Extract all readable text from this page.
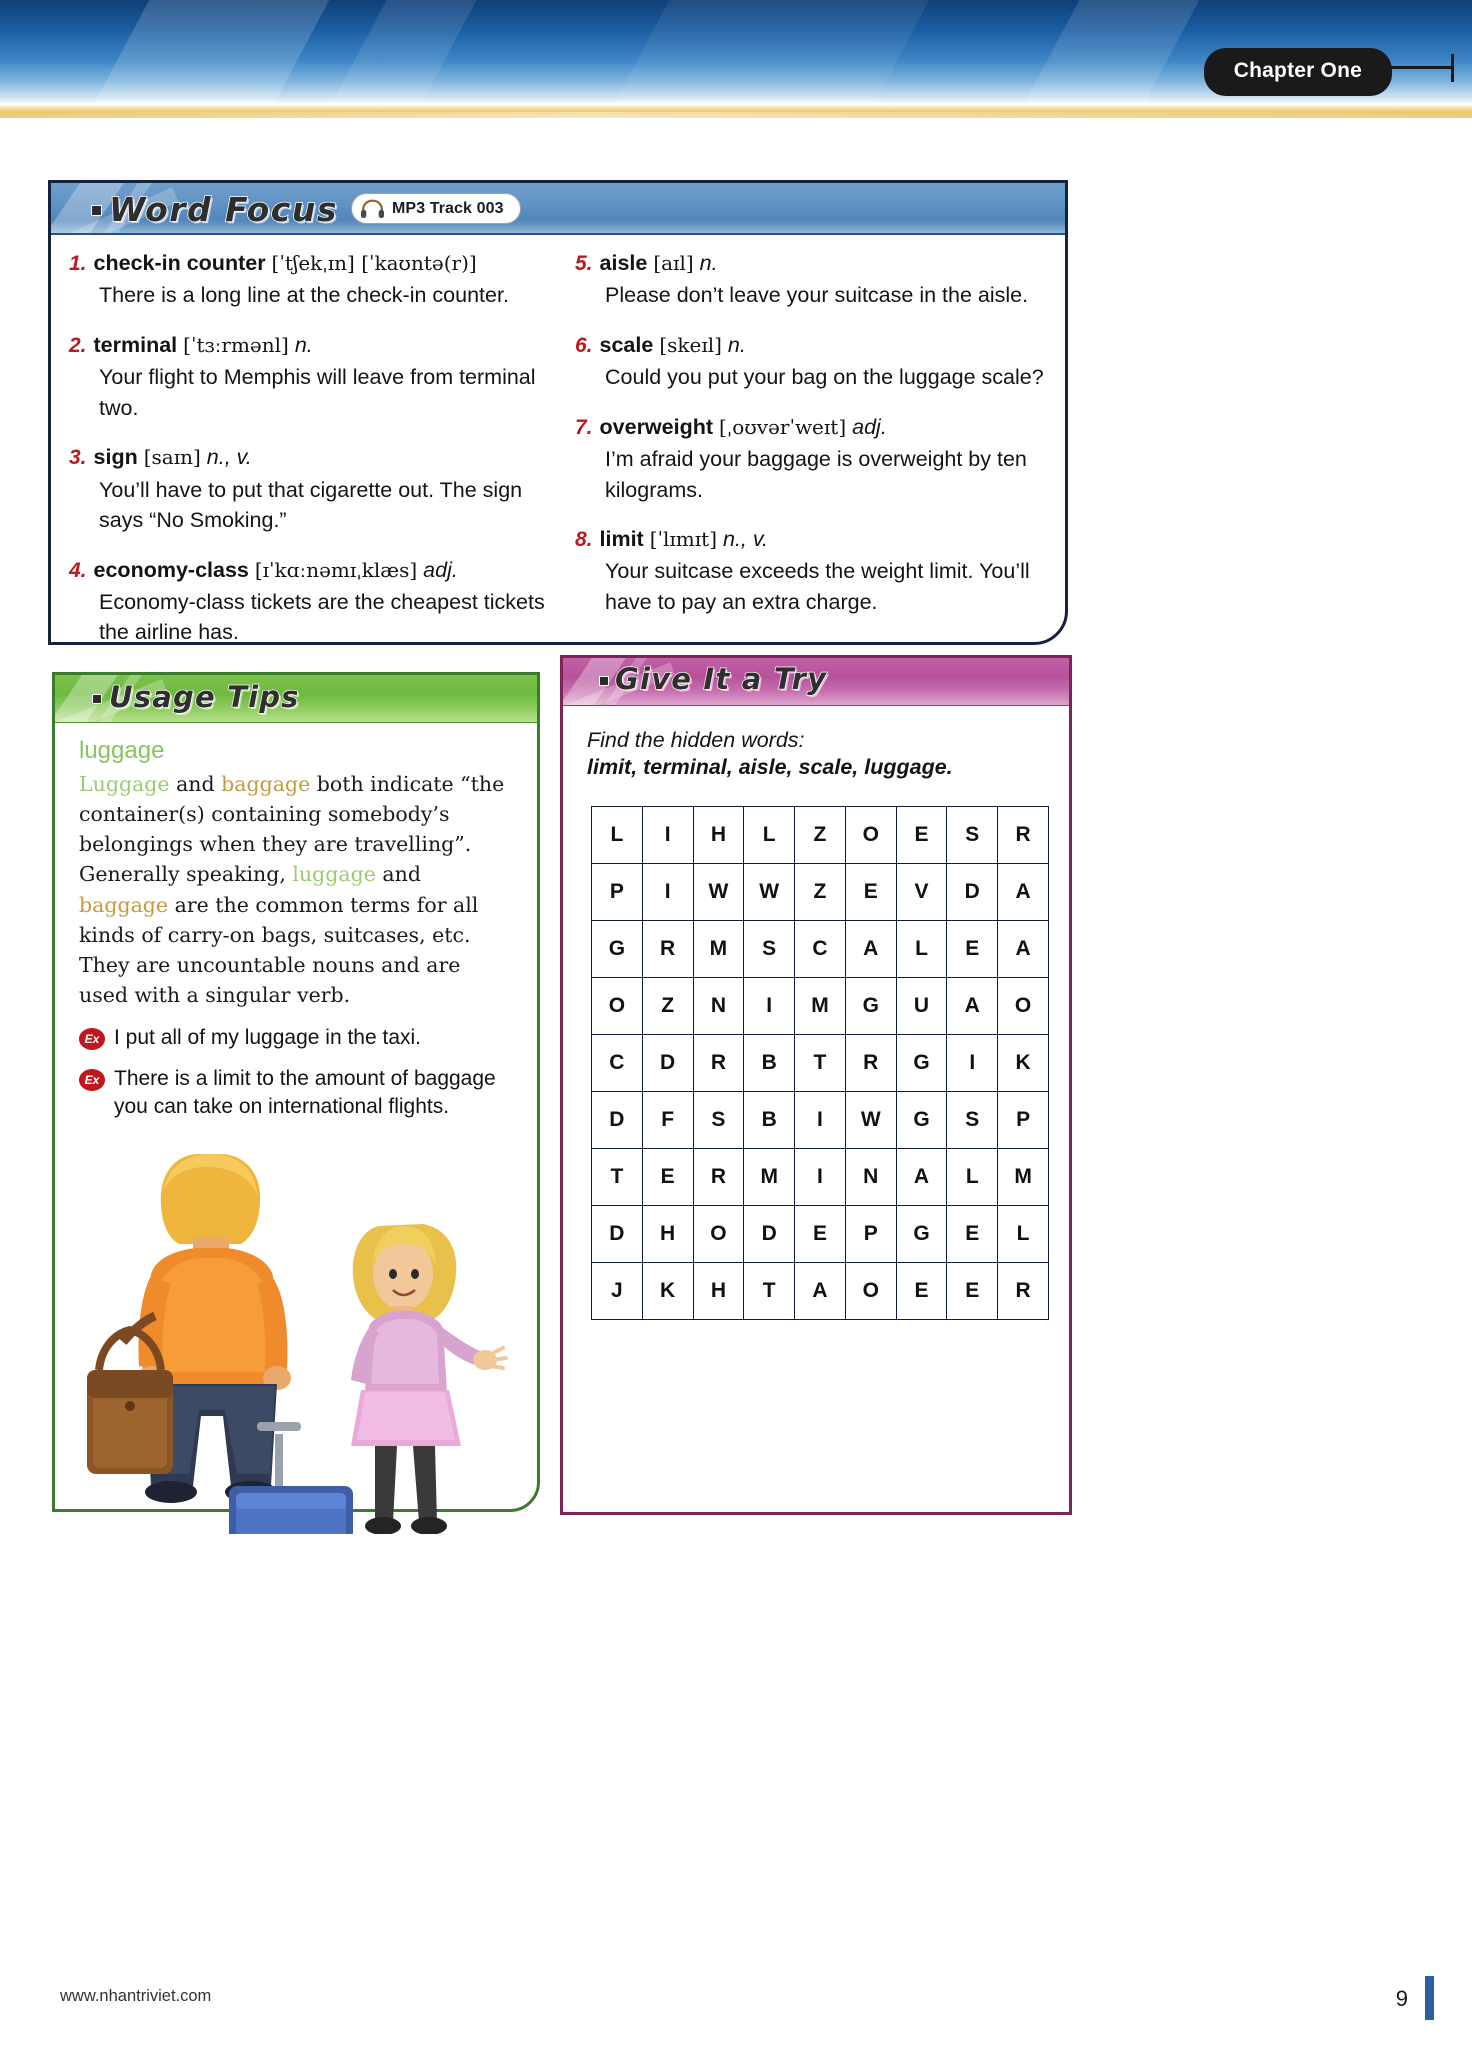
Chapter One
Word Focus	MP3 Track 003
1. check-in counter [ˈtʃekˌɪn] [ˈkaʊntə(r)]
There is a long line at the check-in counter.
2. terminal [ˈtɜːrmənl] n.
Your flight to Memphis will leave from terminal two.
3. sign [saɪn] n., v.
You’ll have to put that cigarette out. The sign says “No Smoking.”
4. economy-class [ɪˈkɑːnəmɪˌklæs] adj.
Economy-class tickets are the cheapest tickets the airline has.
5. aisle [aɪl] n.
Please don’t leave your suitcase in the aisle.
6. scale [skeɪl] n.
Could you put your bag on the luggage scale?
7. overweight [ˌоʊvərˈweɪt] adj.
I’m afraid your baggage is overweight by ten kilograms.
8. limit [ˈlɪmɪt] n., v.
Your suitcase exceeds the weight limit. You’ll have to pay an extra charge.
Usage Tips
luggage
Luggage and baggage both indicate “the container(s) containing somebody’s belongings when they are travelling”. Generally speaking, luggage and baggage are the common terms for all kinds of carry-on bags, suitcases, etc. They are uncountable nouns and are used with a singular verb.
Ex I put all of my luggage in the taxi.
Ex There is a limit to the amount of baggage you can take on international flights.
Give It a Try
Find the hidden words:
limit, terminal, aisle, scale, luggage.
L	I	H	L	Z	O	E	S	R
P	I	W	W	Z	E	V	D	A
G	R	M	S	C	A	L	E	A
O	Z	N	I	M	G	U	A	O
C	D	R	B	T	R	G	I	K
D	F	S	B	I	W	G	S	P
T	E	R	M	I	N	A	L	M
D	H	O	D	E	P	G	E	L
J	K	H	T	A	O	E	E	R
www.nhantriviet.com	9
